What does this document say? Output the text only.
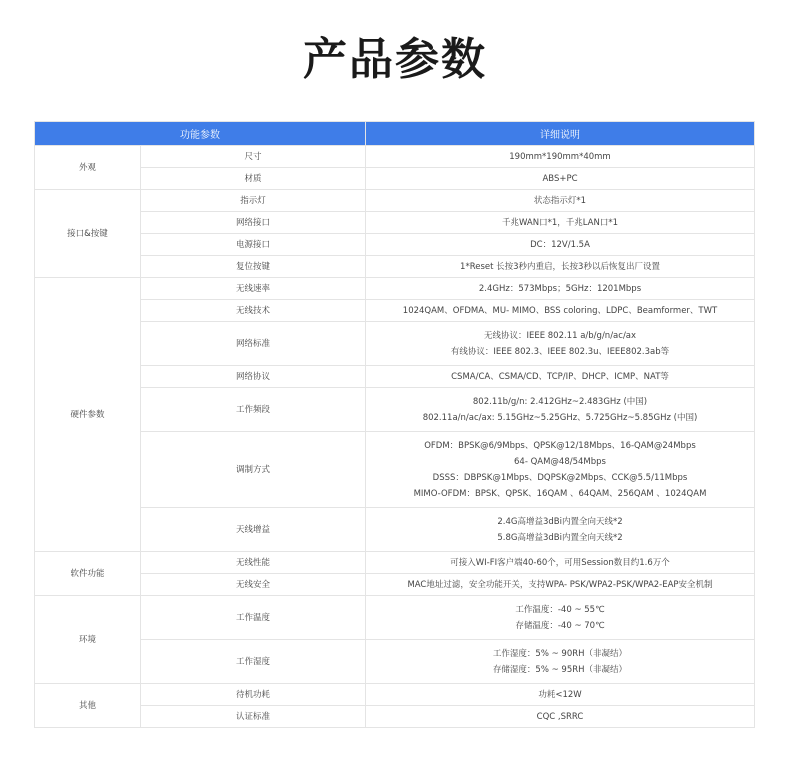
产品参数
功能参数		详细说明
外观	尺寸	190mm*190mm*40mm

	材质	ABS+PC

接口&按键	指示灯	状态指示灯*1

	网络接口	千兆WAN口*1，千兆LAN口*1

	电源接口	DC：12V/1.5A

	复位按键	1*Reset 长按3秒内重启，长按3秒以后恢复出厂设置

硬件参数	无线速率	2.4GHz：573Mbps；5GHz：1201Mbps

	无线技术	1024QAM、OFDMA、MU- MIMO、BSS coloring、LDPC、Beamformer、TWT

	网络标准	无线协议：IEEE 802.11 a/b/g/n/ac/ax
有线协议：IEEE 802.3、IEEE 802.3u、IEEE802.3ab等

	网络协议	CSMA/CA、CSMA/CD、TCP/IP、DHCP、ICMP、NAT等

	工作频段	802.11b/g/n: 2.412GHz~2.483GHz (中国)
802.11a/n/ac/ax: 5.15GHz~5.25GHz、5.725GHz~5.85GHz (中国)

	调制方式	OFDM：BPSK@6/9Mbps、QPSK@12/18Mbps、16-QAM@24Mbps
64- QAM@48/54Mbps
DSSS：DBPSK@1Mbps、DQPSK@2Mbps、CCK@5.5/11Mbps
MIMO-OFDM：BPSK、QPSK、16QAM 、64QAM、256QAM 、1024QAM

	天线增益	2.4G高增益3dBi内置全向天线*2
5.8G高增益3dBi内置全向天线*2

软件功能	无线性能	可接入WI-FI客户端40-60个，可用Session数目约1.6万个

	无线安全	MAC地址过滤，安全功能开关，支持WPA- PSK/WPA2-PSK/WPA2-EAP安全机制

环境	工作温度	工作温度：-40 ~ 55℃
存储温度：-40 ~ 70℃

	工作湿度	工作湿度：5% ~ 90RH（非凝结）
存储湿度：5% ~ 95RH（非凝结）

其他	待机功耗	功耗<12W

	认证标准	CQC ,SRRC
